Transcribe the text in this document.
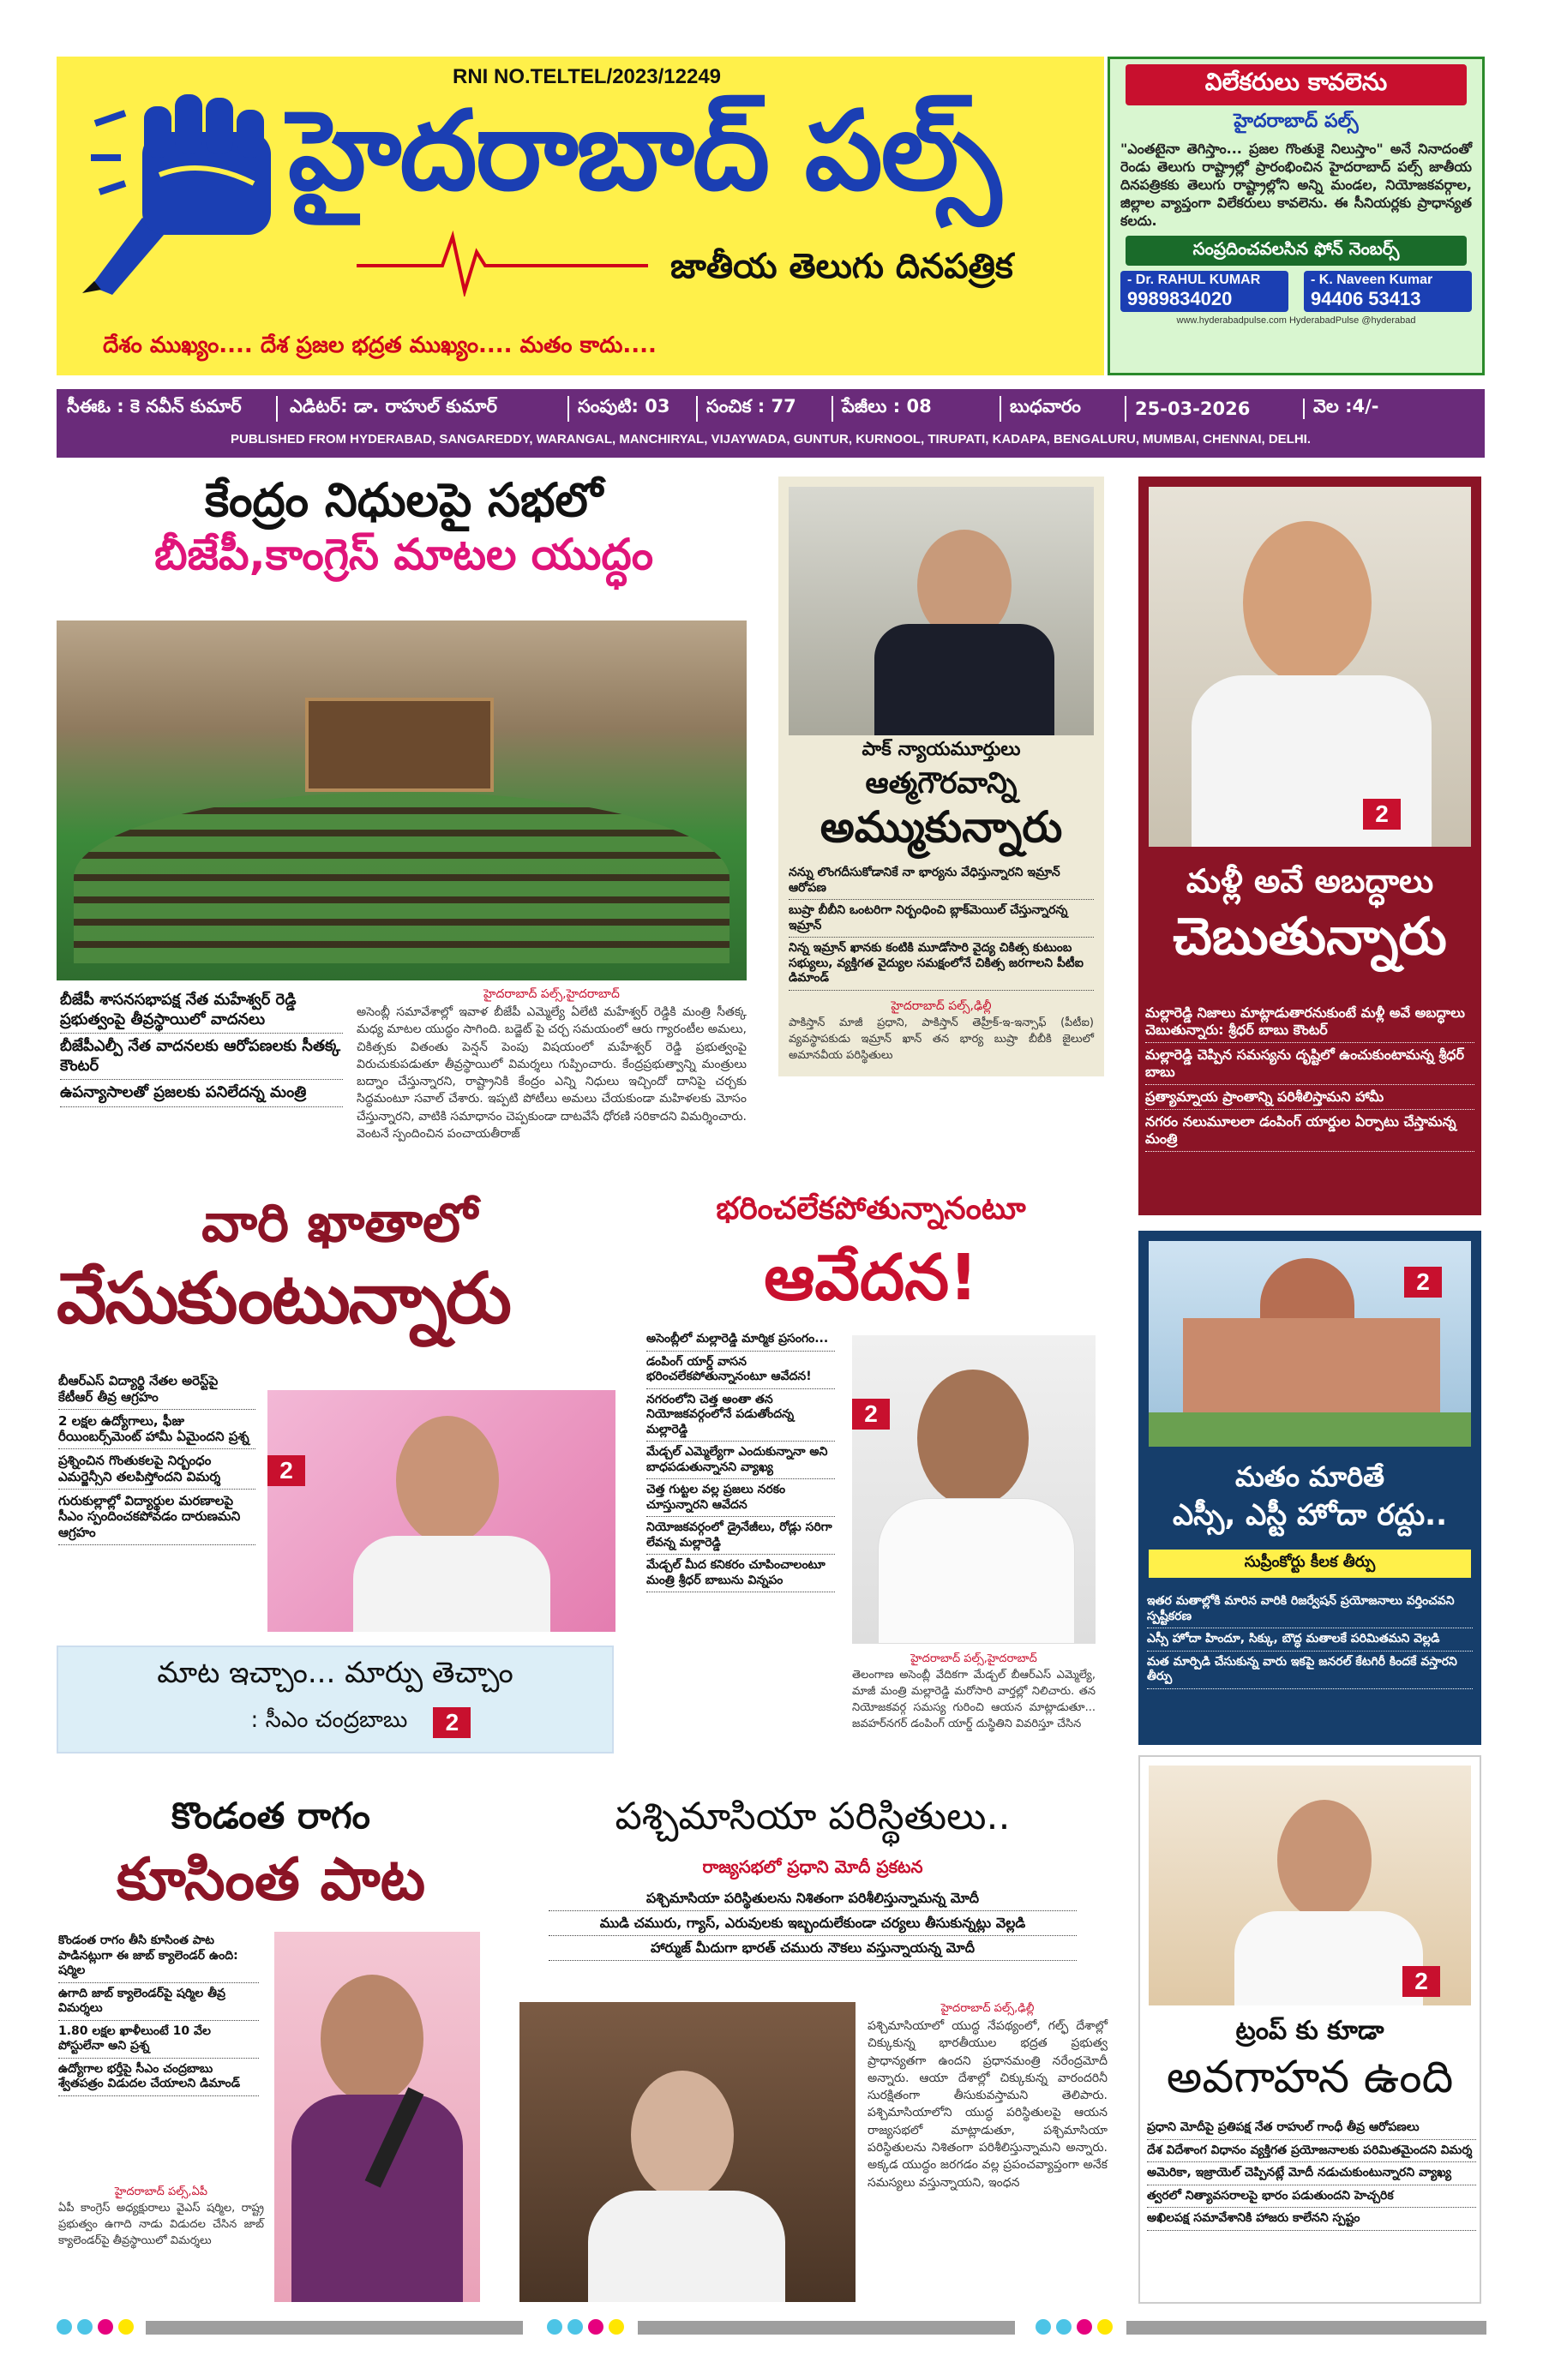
RNI NO.TELTEL/2023/12249
హైదరాబాద్ పల్స్
జాతీయ తెలుగు దినపత్రిక
దేశం ముఖ్యం.... దేశ ప్రజల భద్రత ముఖ్యం.... మతం కాదు....
విలేకరులు కావలెను
హైదరాబాద్ పల్స్
"ఎంతటైనా తెగిస్తాం... ప్రజల గొంతుకై నిలుస్తాం" అనే నినాదంతో రెండు తెలుగు రాష్ట్రాల్లో ప్రారంభించిన హైదరాబాద్ పల్స్ జాతీయ దినపత్రికకు తెలుగు రాష్ట్రాల్లోని అన్ని మండల, నియోజకవర్గాల, జిల్లాల వ్యాప్తంగా విలేకరులు కావలెను. ఈ సీనియర్లకు ప్రాధాన్యత కలదు.
సంప్రదించవలసిన ఫోన్ నెంబర్స్
- Dr. RAHUL KUMAR
9989834020
- K. Naveen Kumar
94406 53413
www.hyderabadpulse.com HyderabadPulse @hyderabad
సీఈఓ : కె నవీన్ కుమార్	ఎడిటర్: డా. రాహుల్ కుమార్	సంపుటి: 03	సంచిక : 77	పేజీలు : 08	బుధవారం	25-03-2026	వెల :4/-
PUBLISHED FROM HYDERABAD, SANGAREDDY, WARANGAL, MANCHIRYAL, VIJAYWADA, GUNTUR, KURNOOL, TIRUPATI, KADAPA, BENGALURU, MUMBAI, CHENNAI, DELHI.
కేంద్రం నిధులపై సభలో
బీజేపీ,కాంగ్రెస్ మాటల యుద్ధం
బీజేపీ శాసనసభాపక్ష నేత మహేశ్వర్ రెడ్డి ప్రభుత్వంపై తీవ్రస్థాయిలో వాదనలు
బీజేపీఎల్పీ నేత వాదనలకు ఆరోపణలకు సీతక్క కౌంటర్
ఉపన్యాసాలతో ప్రజలకు పనిలేదన్న మంత్రి
హైదరాబాద్ పల్స్,హైదరాబాద్
అసెంబ్లీ సమావేశాల్లో ఇవాళ బీజేపీ ఎమ్మెల్యే ఏలేటి మహేశ్వర్ రెడ్డికి మంత్రి సీతక్క మధ్య మాటల యుద్ధం సాగింది. బడ్జెట్ పై చర్చ సమయంలో ఆరు గ్యారంటీల అమలు, చికిత్సకు వితంతు పెన్షన్ పెంపు విషయంలో మహేశ్వర్ రెడ్డి ప్రభుత్వంపై విరుచుకుపడుతూ తీవ్రస్థాయిలో విమర్శలు గుప్పించారు. కేంద్రప్రభుత్వాన్ని మంత్రులు బద్నాం చేస్తున్నారని, రాష్ట్రానికి కేంద్రం ఎన్ని నిధులు ఇచ్చిందో దానిపై చర్చకు సిద్ధమంటూ సవాల్ చేశారు. ఇప్పటి పోటీలు అమలు చేయకుండా మహిళలకు మోసం చేస్తున్నారని, వాటికి సమాధానం చెప్పకుండా దాటవేసే ధోరణి సరికాదని విమర్శించారు. వెంటనే స్పందించిన పంచాయతీరాజ్
పాక్ న్యాయమూర్తులు
ఆత్మగౌరవాన్ని
అమ్ముకున్నారు
నన్ను లొంగదీసుకోడానికే నా భార్యను వేధిస్తున్నారని ఇమ్రాన్ ఆరోపణ
బుష్రా బీబీని ఒంటరిగా నిర్బంధించి బ్లాక్‌మెయిల్ చేస్తున్నారన్న ఇమ్రాన్
నిన్న ఇమ్రాన్ ఖానకు కంటికి మూడోసారి వైద్య చికిత్స కుటుంబ సభ్యులు, వ్యక్తిగత వైద్యుల సమక్షంలోనే చికిత్స జరగాలని పీటీఐ డిమాండ్
హైదరాబాద్ పల్స్,ఢిల్లీ
పాకిస్తాన్ మాజీ ప్రధాని, పాకిస్తాన్ తెహ్రీక్-ఇ-ఇన్సాఫ్ (పీటీఐ) వ్యవస్థాపకుడు ఇమ్రాన్ ఖాన్ తన భార్య బుష్రా బీబీకి జైలులో అమానవీయ పరిస్థితులు
2
మళ్లీ అవే అబద్ధాలు
చెబుతున్నారు
మల్లారెడ్డి నిజాలు మాట్లాడుతారనుకుంటే మళ్లీ అవే అబద్ధాలు చెబుతున్నారు: శ్రీధర్ బాబు కౌంటర్
మల్లారెడ్డి చెప్పిన సమస్యను దృష్టిలో ఉంచుకుంటామన్న శ్రీధర్ బాబు
ప్రత్యామ్నాయ ప్రాంతాన్ని పరిశీలిస్తామని హామీ
నగరం నలుమూలలా డంపింగ్ యార్డుల ఏర్పాటు చేస్తామన్న మంత్రి
వారి ఖాతాలో
వేసుకుంటున్నారు
బీఆర్ఎస్ విద్యార్థి నేతల అరెస్ట్‌పై కేటీఆర్ తీవ్ర ఆగ్రహం
2 లక్షల ఉద్యోగాలు, ఫీజు రీయింబర్స్‌మెంట్ హామీ ఏమైందని ప్రశ్న
ప్రశ్నించిన గొంతుకలపై నిర్బంధం ఎమర్జెన్సీని తలపిస్తోందని విమర్శ
గురుకుల్లాల్లో విద్యార్థుల మరణాలపై సీఎం స్పందించకపోవడం దారుణమని ఆగ్రహం
2
మాట ఇచ్చాం... మార్పు తెచ్చాం
: సీఎం చంద్రబాబు	2
భరించలేకపోతున్నానంటూ
ఆవేదన!
అసెంబ్లీలో మల్లారెడ్డి మార్మిక ప్రసంగం...
డంపింగ్ యార్డ్ వాసన భరించలేకపోతున్నానంటూ ఆవేదన!
నగరంలోని చెత్త అంతా తన నియోజకవర్గంలోనే పడుతోందన్న మల్లారెడ్డి
మేడ్చల్ ఎమ్మెల్యేగా ఎందుకున్నానా అని బాధపడుతున్నానని వ్యాఖ్య
చెత్త గుట్టల వల్ల ప్రజలు నరకం చూస్తున్నారని ఆవేదన
నియోజకవర్గంలో డ్రైనేజీలు, రోడ్లు సరిగా లేవన్న మల్లారెడ్డి
మేడ్చల్ మీద కనికరం చూపించాలంటూ మంత్రి శ్రీధర్ బాబును విన్నపం
2
హైదరాబాద్ పల్స్,హైదరాబాద్
తెలంగాణ అసెంబ్లీ వేదికగా మేడ్చల్ బీఆర్ఎస్ ఎమ్మెల్యే, మాజీ మంత్రి మల్లారెడ్డి మరోసారి వార్తల్లో నిలిచారు. తన నియోజకవర్గ సమస్య గురించి ఆయన మాట్లాడుతూ... జవహర్‌నగర్ డంపింగ్ యార్డ్ దుస్థితిని వివరిస్తూ చేసిన
2
మతం మారితే
ఎస్సీ, ఎస్టీ హోదా రద్దు..
సుప్రీంకోర్టు కీలక తీర్పు
ఇతర మతాల్లోకి మారిన వారికి రిజర్వేషన్ ప్రయోజనాలు వర్తించవని స్పష్టీకరణ
ఎస్సీ హోదా హిందూ, సిక్కు, బౌద్ధ మతాలకే పరిమితమని వెల్లడి
మత మార్పిడి చేసుకున్న వారు ఇకపై జనరల్ కేటగిరీ కిందకే వస్తారని తీర్పు
కొండంత రాగం
కూసింత పాట
కొండంత రాగం తీసి కూసింత పాట పాడినట్లుగా ఈ జాబ్ క్యాలెండర్ ఉంది: షర్మిల
ఉగాది జాబ్ క్యాలెండర్‌పై షర్మిల తీవ్ర విమర్శలు
1.80 లక్షల ఖాళీలుంటే 10 వేల పోస్టులేనా అని ప్రశ్న
ఉద్యోగాల భర్తీపై సీఎం చంద్రబాబు శ్వేతపత్రం విడుదల చేయాలని డిమాండ్
హైదరాబాద్ పల్స్,ఏపీ
ఏపీ కాంగ్రెస్ అధ్యక్షురాలు వైఎస్ షర్మిల, రాష్ట్ర ప్రభుత్వం ఉగాది నాడు విడుదల చేసిన జాబ్ క్యాలెండర్‌పై తీవ్రస్థాయిలో విమర్శలు
పశ్చిమాసియా పరిస్థితులు..
రాజ్యసభలో ప్రధాని మోదీ ప్రకటన
పశ్చిమాసియా పరిస్థితులను నిశితంగా పరిశీలిస్తున్నామన్న మోదీ
ముడి చమురు, గ్యాస్, ఎరువులకు ఇబ్బందులేకుండా చర్యలు తీసుకున్నట్లు వెల్లడి
హార్ముజ్ మీదుగా భారత్ చమురు నౌకలు వస్తున్నాయన్న మోదీ
హైదరాబాద్ పల్స్,ఢిల్లీ
పశ్చిమాసియాలో యుద్ధ నేపథ్యంలో, గల్ఫ్ దేశాల్లో చిక్కుకున్న భారతీయుల భద్రత ప్రభుత్వ ప్రాధాన్యతగా ఉందని ప్రధానమంత్రి నరేంద్రమోదీ అన్నారు. ఆయా దేశాల్లో చిక్కుకున్న వారందరినీ సురక్షితంగా తీసుకువస్తామని తెలిపారు. పశ్చిమాసియాలోని యుద్ధ పరిస్థితులపై ఆయన రాజ్యసభలో మాట్లాడుతూ, పశ్చిమాసియా పరిస్థితులను నిశితంగా పరిశీలిస్తున్నామని అన్నారు. అక్కడ యుద్ధం జరగడం వల్ల ప్రపంచవ్యాప్తంగా అనేక సమస్యలు వస్తున్నాయని, ఇంధన
2
ట్రంప్ కు కూడా
అవగాహన ఉంది
ప్రధాని మోదీపై ప్రతిపక్ష నేత రాహుల్ గాంధీ తీవ్ర ఆరోపణలు
దేశ విదేశాంగ విధానం వ్యక్తిగత ప్రయోజనాలకు పరిమితమైందని విమర్శ
అమెరికా, ఇజ్రాయెల్ చెప్పినట్లే మోదీ నడుచుకుంటున్నారని వ్యాఖ్య
త్వరలో నిత్యావసరాలపై భారం పడుతుందని హెచ్చరిక
అఖిలపక్ష సమావేశానికి హాజరు కాలేనని స్పష్టం
